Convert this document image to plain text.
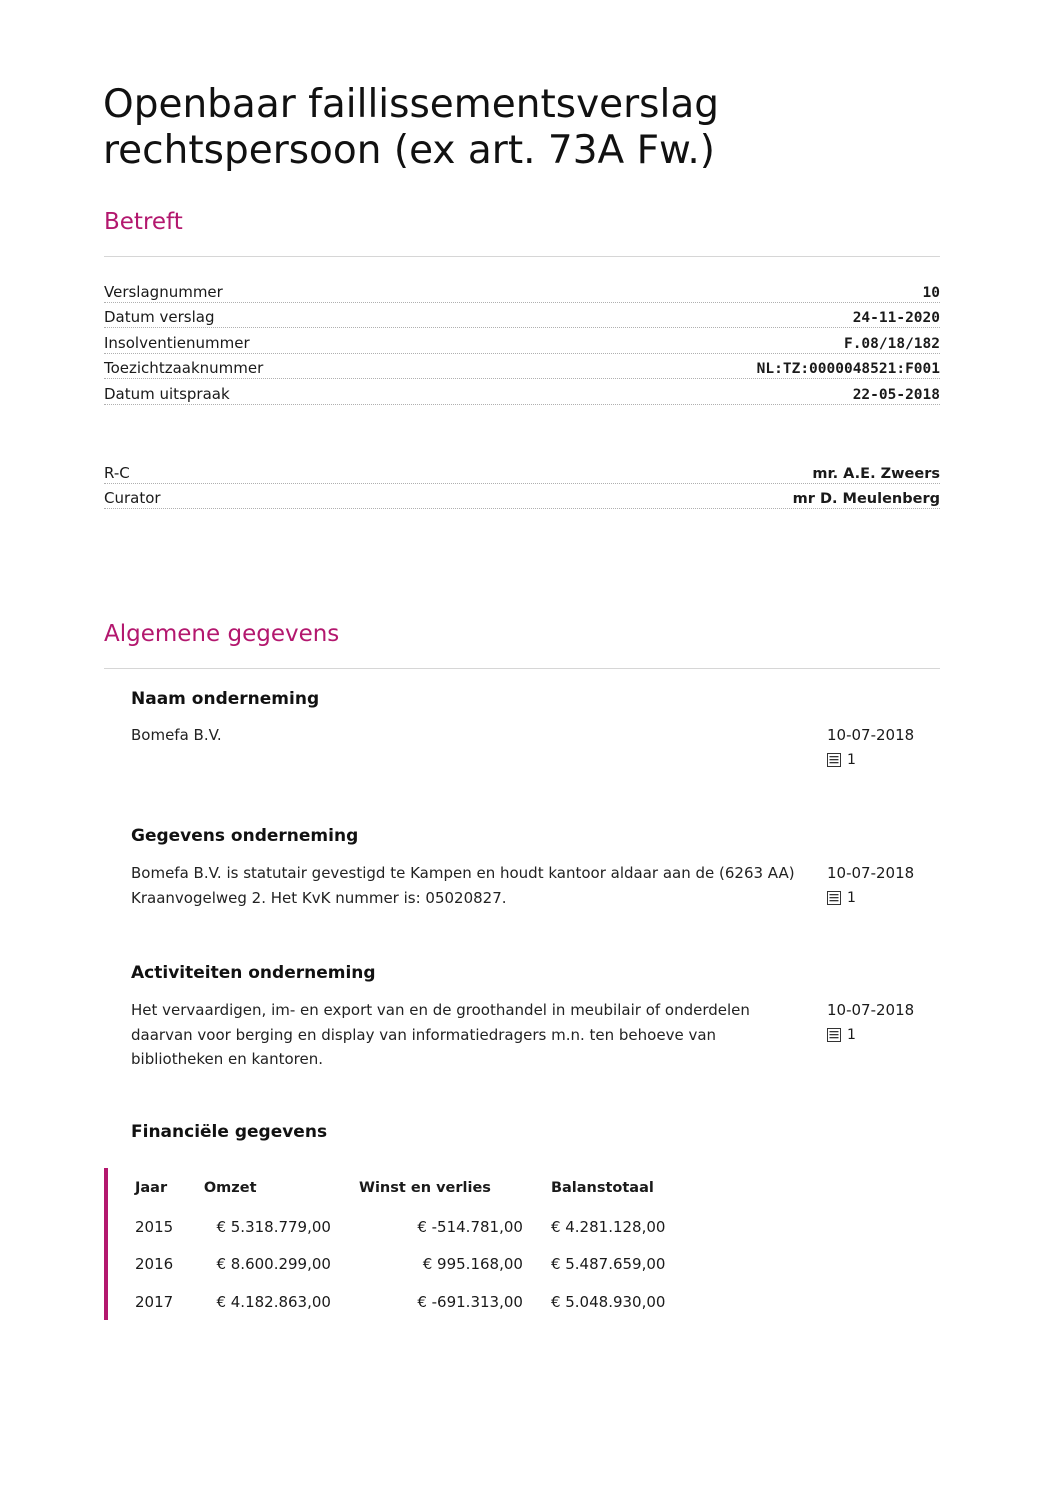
Openbaar faillissementsverslag
rechtspersoon (ex art. 73A Fw.)
Betreft
Verslagnummer	10
Datum verslag	24-11-2020
Insolventienummer	F.08/18/182
Toezichtzaaknummer	NL:TZ:0000048521:F001
Datum uitspraak	22-05-2018
R-C	mr. A.E. Zweers
Curator	mr D. Meulenberg
Algemene gegevens
Naam onderneming
Bomefa B.V.	10-07-2018
1
Gegevens onderneming
Bomefa B.V. is statutair gevestigd te Kampen en houdt kantoor aldaar aan de (6263 AA) Kraanvogelweg 2. Het KvK nummer is: 05020827.
10-07-2018
1
Activiteiten onderneming
Het vervaardigen, im- en export van en de groothandel in meubilair of onderdelen daarvan voor berging en display van informatiedragers m.n. ten behoeve van bibliotheken en kantoren.
10-07-2018
1
Financiële gegevens
Jaar	Omzet	Winst en verlies	Balanstotaal
2015	€ 5.318.779,00	€ -514.781,00	€ 4.281.128,00
2016	€ 8.600.299,00	€ 995.168,00	€ 5.487.659,00
2017	€ 4.182.863,00	€ -691.313,00	€ 5.048.930,00
